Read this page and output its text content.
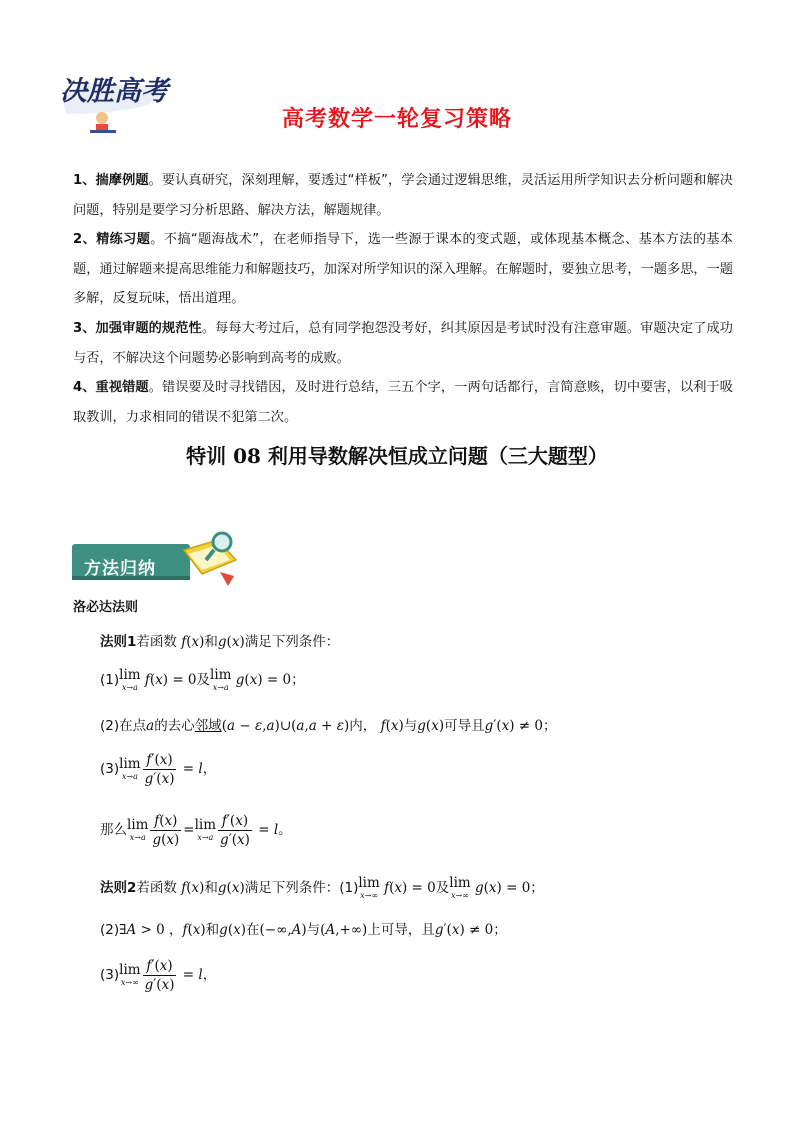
决胜高考
高考数学一轮复习策略

1、揣摩例题。要认真研究，深刻理解，要透过“样板”，学会通过逻辑思维，灵活运用所学知识去分析问题和解决问题，特别是要学习分析思路、解决方法，解题规律。

2、精练习题。不搞“题海战术”，在老师指导下，选一些源于课本的变式题，或体现基本概念、基本方法的基本题，通过解题来提高思维能力和解题技巧，加深对所学知识的深入理解。在解题时，要独立思考，一题多思，一题多解，反复玩味，悟出道理。

3、加强审题的规范性。每每大考过后，总有同学抱怨没考好，纠其原因是考试时没有注意审题。审题决定了成功与否，不解决这个问题势必影响到高考的成败。

4、重视错题。错误要及时寻找错因，及时进行总结，三五个字，一两句话都行，言简意赅，切中要害，以利于吸取教训，力求相同的错误不犯第二次。

特训 08 利用导数解决恒成立问题（三大题型）
方法归纳
洛必达法则
法则1若函数 f(x)和g(x)满足下列条件：
(1)lim
x→a f(x) = 0及lim
x→a g(x) = 0；
(2)在点a的去心邻域(a − ε,a)∪(a,a + ε)内， f(x)与g(x)可导且g′(x) ≠ 0；
(3)lim
$x\to a \frac{f'(x)}{g'(x)} = l$，
那么lim
$x\to a \frac{f(x)}{g(x)} =\lim$
$x\to a \frac{f'(x)}{g'(x)} = l$。
法则2若函数 f(x)和g(x)满足下列条件：(1)lim
x→∞ f(x) = 0及lim
x→∞ g(x) = 0；
(2)∃A > 0 ，f(x)和g(x)在(−∞,A)与(A,+∞)上可导，且g′(x) ≠ 0；
(3)lim
$x\to\infty \frac{f'(x)}{g'(x)} = l$，
